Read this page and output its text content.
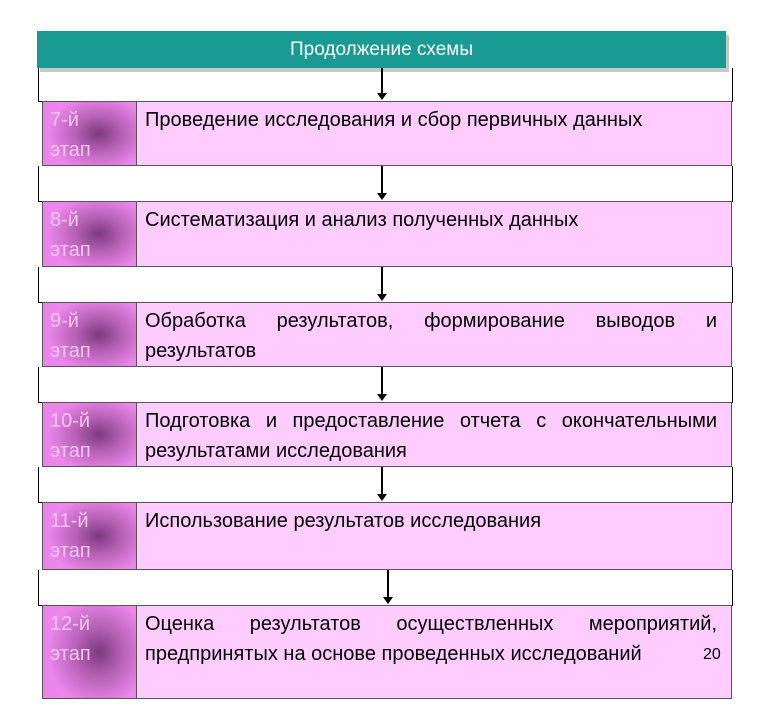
Продолжение схемы
7-й
этап
Проведение исследования и сбор первичных данных
8-й
этап
Систематизация и анализ полученных данных
9-й
этап
Обработка результатов, формирование выводов и результатов
10-й
этап
Подготовка и предоставление отчета с окончательными результатами исследования
11-й
этап
Использование результатов исследования
12-й
этап
Оценка результатов осуществленных мероприятий, предпринятых на основе проведенных исследований	20
